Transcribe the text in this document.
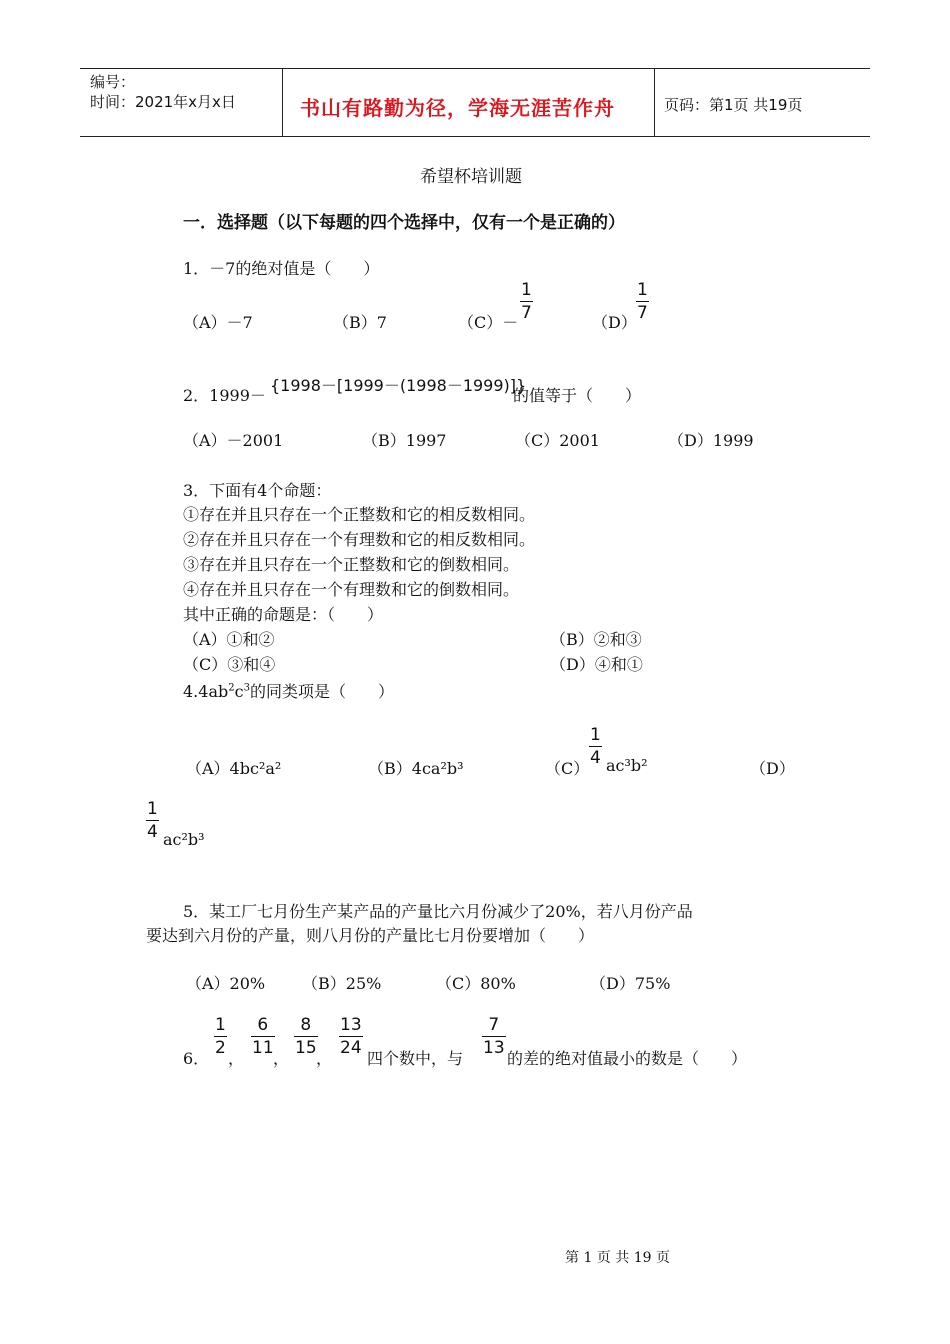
编号：
时间：2021年x月x日	书山有路勤为径，学海无涯苦作舟	页码：第1页 共19页
希望杯培训题
一．选择题（以下每题的四个选择中，仅有一个是正确的）
1．－7的绝对值是（　　）
（A）－7	（B）7	（C）－
1
7	（D）
1
7
2．1999－
{1998－[1999－(1998－1999)]}
的值等于（　　）
（A）－2001	（B）1997	（C）2001	（D）1999
3．下面有4个命题：
①存在并且只存在一个正整数和它的相反数相同。
②存在并且只存在一个有理数和它的相反数相同。
③存在并且只存在一个正整数和它的倒数相同。
④存在并且只存在一个有理数和它的倒数相同。
其中正确的命题是：（　　）
（A）①和②	（B）②和③
（C）③和④	（D）④和①
$4.4ab^2c^3$的同类项是（　　）
（A）4bc²a²	（B）4ca²b³	（C）
1
4 ac³b²	（D）
1
4 ac²b³
5．某工厂七月份生产某产品的产量比六月份减少了20%，若八月份产品
要达到六月份的产量，则八月份的产量比七月份要增加（　　）
（A）20% （B）25%	（C）80%	（D）75%
6．
1
2
，
6
11
，
8
15
，
13
24
四个数中，与
7
13
的差的绝对值最小的数是（　　）
第 1 页 共 19 页
